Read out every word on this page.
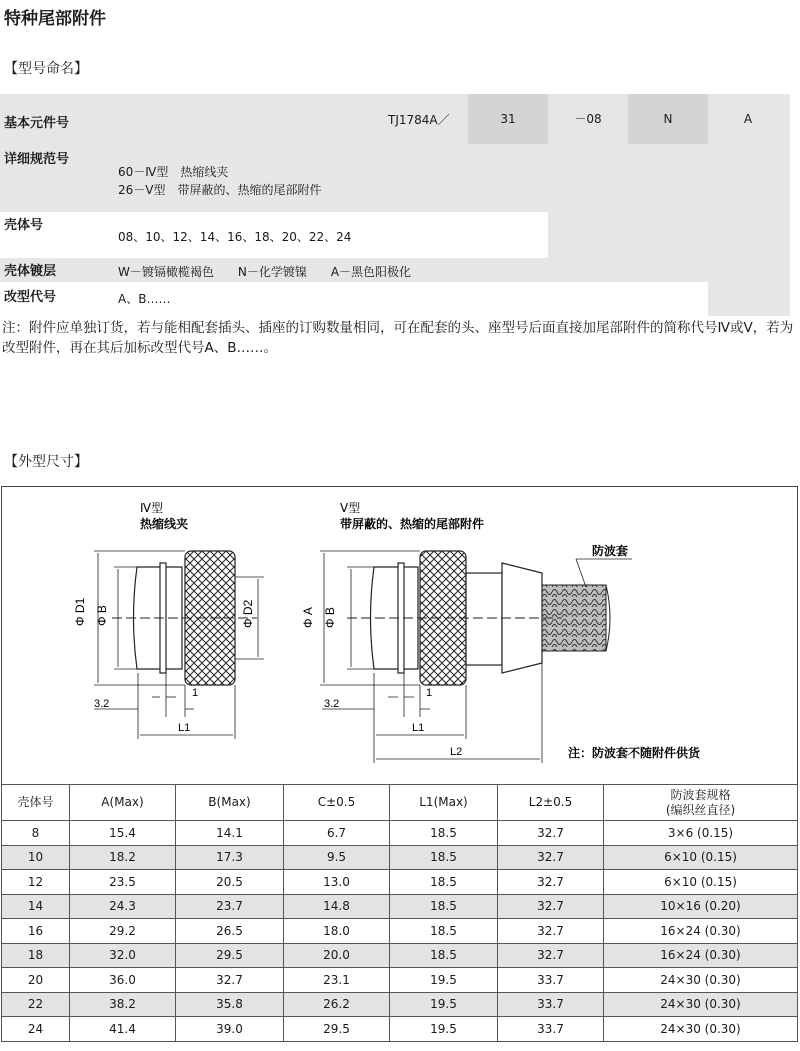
特种尾部附件
【型号命名】
基本元件号	TJ1784A／	31	－08	N	A
详细规范号
60－Ⅳ型　热缩线夹
26－Ⅴ型　带屏蔽的、热缩的尾部附件
壳体号
08、10、12、14、16、18、20、22、24
壳体镀层	W－镀镉橄榄褐色　　N－化学镀镍　　A－黑色阳极化
改型代号	A、B……
注：附件应单独订货，若与能相配套插头、插座的订购数量相同，可在配套的头、座型号后面直接加尾部附件的简称代号Ⅳ或Ⅴ，若为改型附件，再在其后加标改型代号A、B……。
【外型尺寸】
Ⅳ型
热缩线夹
Φ D1 Φ B	Φ D2
1
3.2
L1
Ⅴ型
带屏蔽的、热缩的尾部附件
Φ A Φ B
1
3.2
L1
L2
防波套
注：防波套不随附件供货
壳体号	A(Max)	B(Max)	C±0.5	L1(Max)	L2±0.5	防波套规格
(编织丝直径)

8	15.4	14.1	6.7	18.5	32.7	3×6 (0.15)
10	18.2	17.3	9.5	18.5	32.7	6×10 (0.15)
12	23.5	20.5	13.0	18.5	32.7	6×10 (0.15)
14	24.3	23.7	14.8	18.5	32.7	10×16 (0.20)
16	29.2	26.5	18.0	18.5	32.7	16×24 (0.30)
18	32.0	29.5	20.0	18.5	32.7	16×24 (0.30)
20	36.0	32.7	23.1	19.5	33.7	24×30 (0.30)
22	38.2	35.8	26.2	19.5	33.7	24×30 (0.30)
24	41.4	39.0	29.5	19.5	33.7	24×30 (0.30)
